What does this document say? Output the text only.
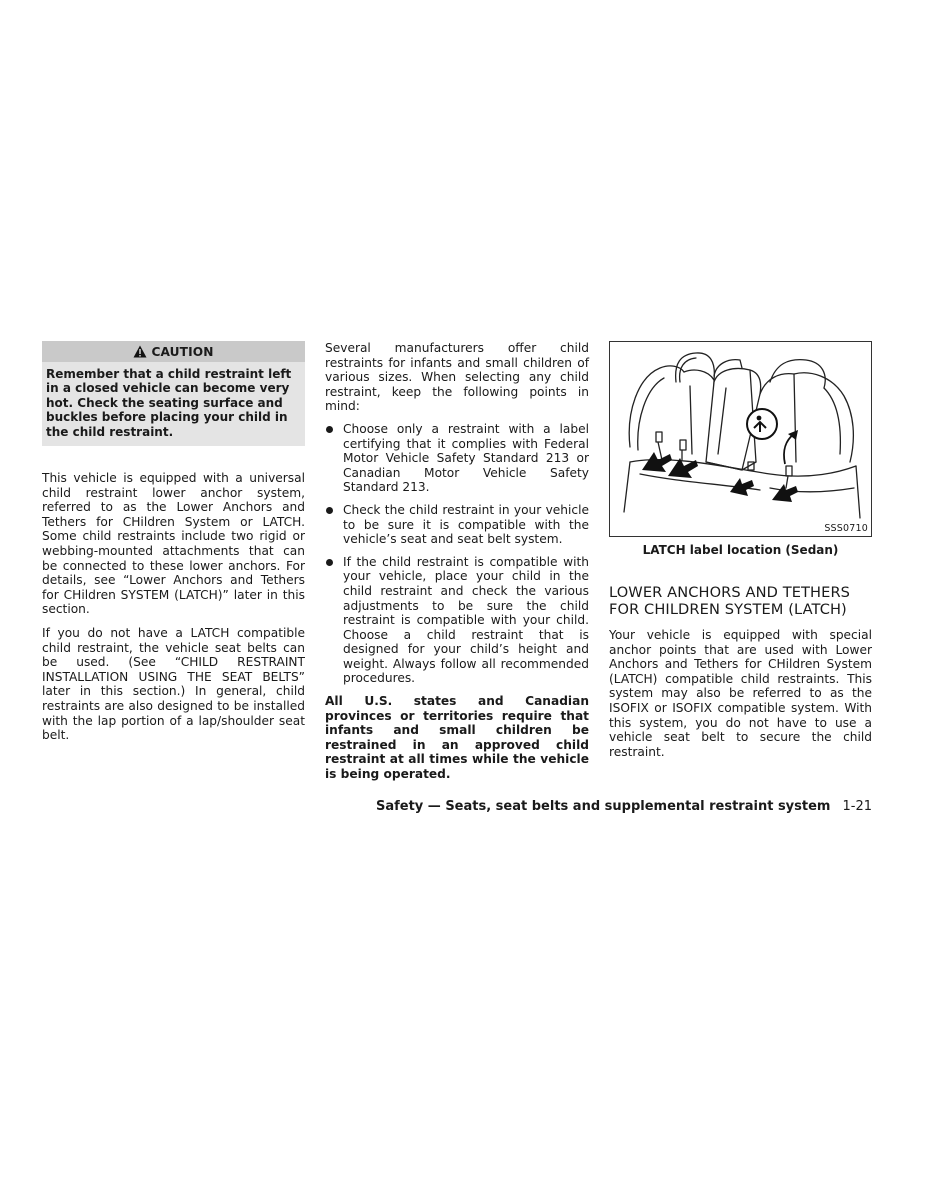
CAUTION

Remember that a child restraint left in a closed vehicle can become very hot. Check the seating surface and buckles before placing your child in the child restraint.

This vehicle is equipped with a universal child restraint lower anchor system, referred to as the Lower Anchors and Tethers for CHildren System or LATCH. Some child restraints include two rigid or webbing-mounted attachments that can be connected to these lower anchors. For details, see “Lower Anchors and Tethers for CHildren SYSTEM (LATCH)” later in this section.

If you do not have a LATCH compatible child restraint, the vehicle seat belts can be used. (See “CHILD RESTRAINT INSTALLATION USING THE SEAT BELTS” later in this section.) In general, child restraints are also designed to be installed with the lap portion of a lap/shoulder seat belt.

Several manufacturers offer child restraints for infants and small children of various sizes. When selecting any child restraint, keep the following points in mind:

Choose only a restraint with a label certifying that it complies with Federal Motor Vehicle Safety Standard 213 or Canadian Motor Vehicle Safety Standard 213.

Check the child restraint in your vehicle to be sure it is compatible with the vehicle’s seat and seat belt system.

If the child restraint is compatible with your vehicle, place your child in the child restraint and check the various adjustments to be sure the child restraint is compatible with your child. Choose a child restraint that is designed for your child’s height and weight. Always follow all recommended procedures.

All U.S. states and Canadian provinces or territories require that infants and small children be restrained in an approved child restraint at all times while the vehicle is being operated.

SSS0710
LATCH label location (Sedan)
LOWER ANCHORS AND TETHERS FOR CHILDREN SYSTEM (LATCH)

Your vehicle is equipped with special anchor points that are used with Lower Anchors and Tethers for CHildren System (LATCH) compatible child restraints. This system may also be referred to as the ISOFIX or ISOFIX compatible system. With this system, you do not have to use a vehicle seat belt to secure the child restraint.

Safety — Seats, seat belts and supplemental restraint system 1-21
